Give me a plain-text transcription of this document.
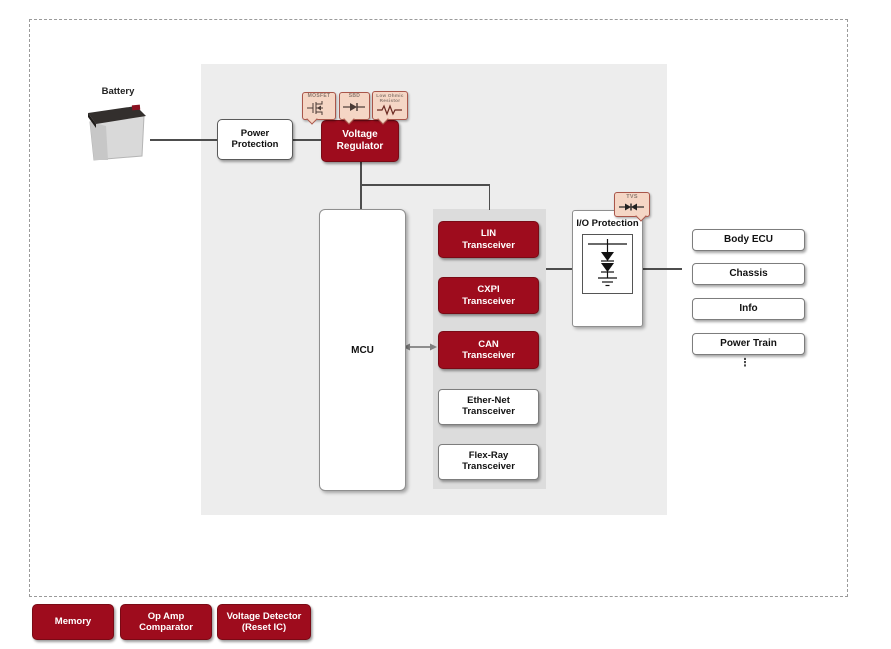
Battery
Power Protection
Voltage Regulator
MOSFET	SBD	Low Ohmic Resistor
MCU
LIN Transceiver
CXPI Transceiver
CAN Transceiver
Ether-Net Transceiver
Flex-Ray Transceiver
I/O Protection
TVS
Body ECU
Chassis
Info
Power Train
⋮
Memory
Op Amp Comparator
Voltage Detector (Reset IC)
